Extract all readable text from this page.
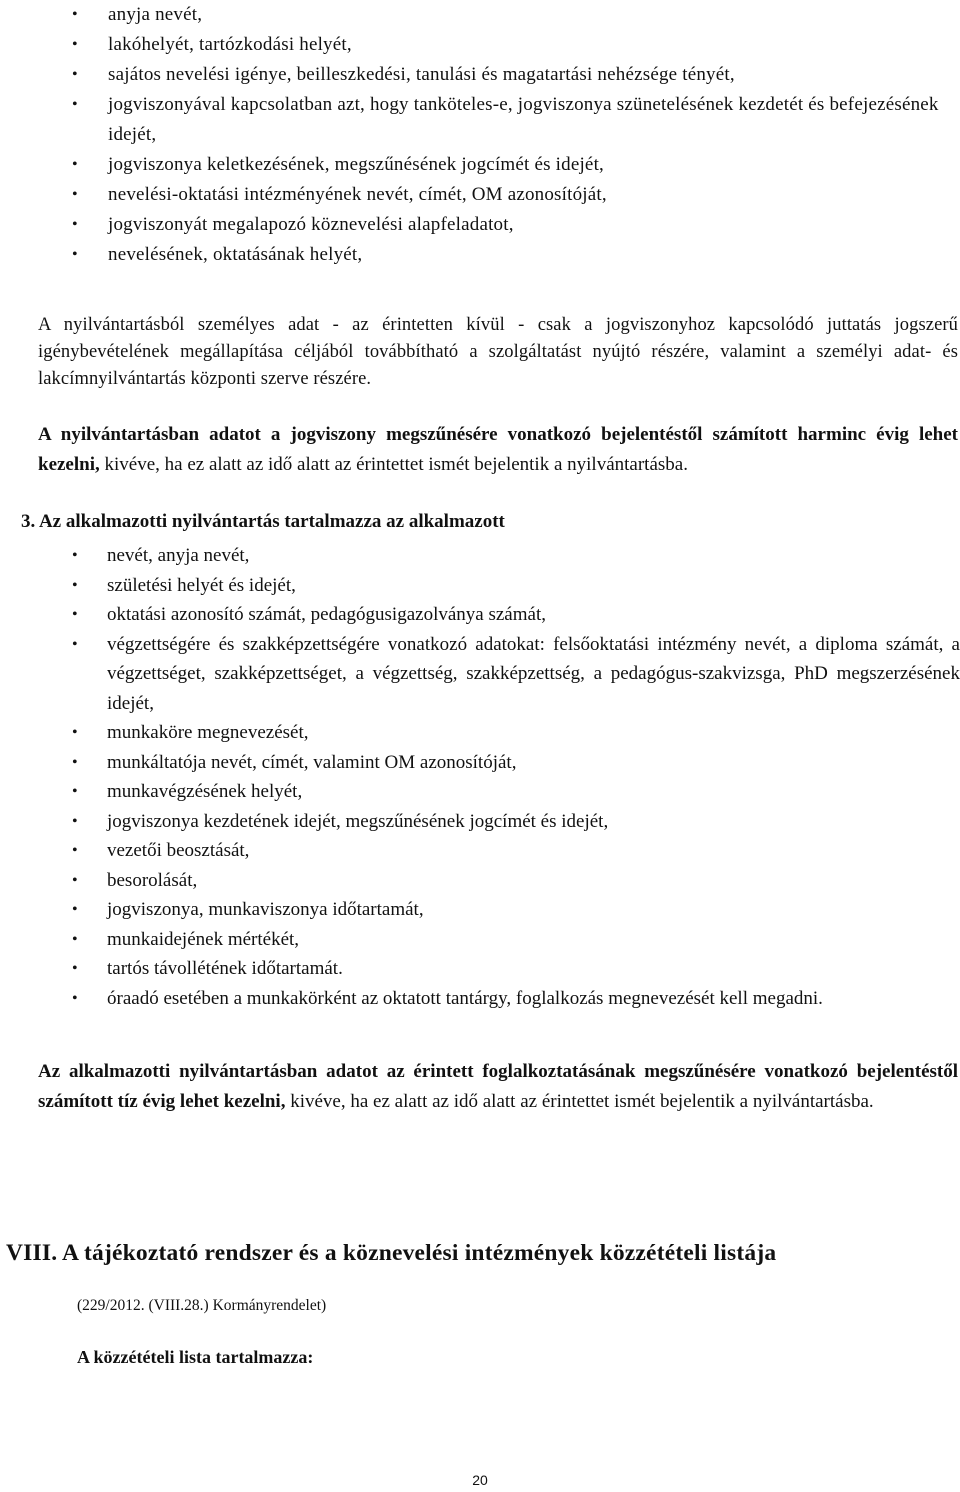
• anyja nevét,
• lakóhelyét, tartózkodási helyét,
• sajátos nevelési igénye, beilleszkedési, tanulási és magatartási nehézsége tényét,
• jogviszonyával kapcsolatban azt, hogy tanköteles-e, jogviszonya szünetelésének kezdetét és befejezésének idejét,
• jogviszonya keletkezésének, megszűnésének jogcímét és idejét,
• nevelési-oktatási intézményének nevét, címét, OM azonosítóját,
• jogviszonyát megalapozó köznevelési alapfeladatot,
• nevelésének, oktatásának helyét,

A nyilvántartásból személyes adat - az érintetten kívül - csak a jogviszonyhoz kapcsolódó juttatás jogszerű igénybevételének megállapítása céljából továbbítható a szolgáltatást nyújtó részére, valamint a személyi adat- és lakcímnyilvántartás központi szerve részére.

A nyilvántartásban adatot a jogviszony megszűnésére vonatkozó bejelentéstől számított harminc évig lehet kezelni, kivéve, ha ez alatt az idő alatt az érintettet ismét bejelentik a nyilvántartásba.

3. Az alkalmazotti nyilvántartás tartalmazza az alkalmazott

• nevét, anyja nevét,
• születési helyét és idejét,
• oktatási azonosító számát, pedagógusigazolványa számát,
• végzettségére és szakképzettségére vonatkozó adatokat: felsőoktatási intézmény nevét, a diploma számát, a végzettséget, szakképzettséget, a végzettség, szakképzettség, a pedagógus-szakvizsga, PhD megszerzésének idejét,
• munkaköre megnevezését,
• munkáltatója nevét, címét, valamint OM azonosítóját,
• munkavégzésének helyét,
• jogviszonya kezdetének idejét, megszűnésének jogcímét és idejét,
• vezetői beosztását,
• besorolását,
• jogviszonya, munkaviszonya időtartamát,
• munkaidejének mértékét,
• tartós távollétének időtartamát.
• óraadó esetében a munkakörként az oktatott tantárgy, foglalkozás megnevezését kell megadni.

Az alkalmazotti nyilvántartásban adatot az érintett foglalkoztatásának megszűnésére vonatkozó bejelentéstől számított tíz évig lehet kezelni, kivéve, ha ez alatt az idő alatt az érintettet ismét bejelentik a nyilvántartásba.

VIII. A tájékoztató rendszer és a köznevelési intézmények közzétételi listája

(229/2012. (VIII.28.) Kormányrendelet)

A közzétételi lista tartalmazza:

20
